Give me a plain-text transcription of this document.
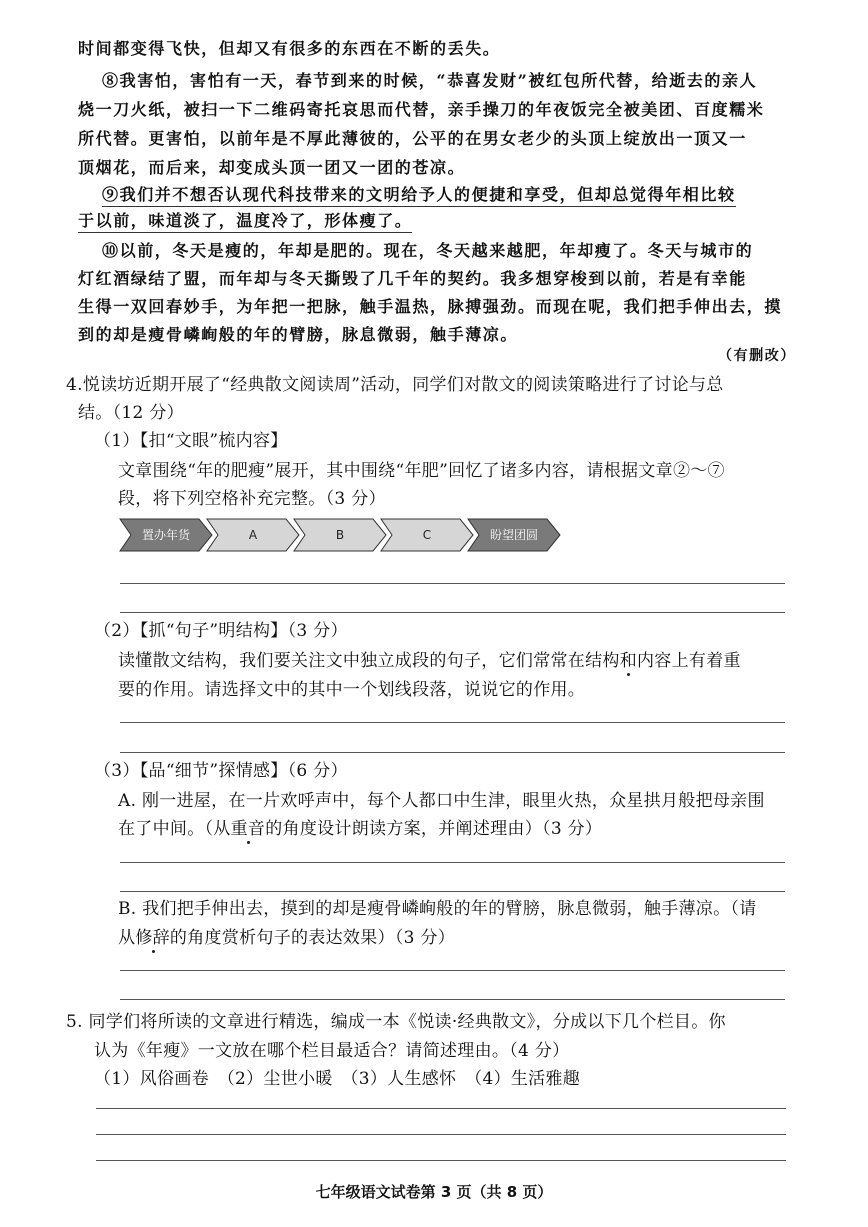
时间都变得飞快，但却又有很多的东西在不断的丢失。
⑧我害怕，害怕有一天，春节到来的时候，“恭喜发财”被红包所代替，给逝去的亲人
烧一刀火纸，被扫一下二维码寄托哀思而代替，亲手操刀的年夜饭完全被美团、百度糯米
所代替。更害怕，以前年是不厚此薄彼的，公平的在男女老少的头顶上绽放出一顶又一
顶烟花，而后来，却变成头顶一团又一团的苍凉。
⑨我们并不想否认现代科技带来的文明给予人的便捷和享受，但却总觉得年相比较
于以前，味道淡了，温度冷了，形体瘦了。
⑩以前，冬天是瘦的，年却是肥的。现在，冬天越来越肥，年却瘦了。冬天与城市的
灯红酒绿结了盟，而年却与冬天撕毁了几千年的契约。我多想穿梭到以前，若是有幸能
生得一双回春妙手，为年把一把脉，触手温热，脉搏强劲。而现在呢，我们把手伸出去，摸
到的却是瘦骨嶙峋般的年的臂膀，脉息微弱，触手薄凉。
（有删改）
4.悦读坊近期开展了“经典散文阅读周”活动，同学们对散文的阅读策略进行了讨论与总
结。（12 分）
（1）【扣“文眼”梳内容】
文章围绕“年的肥瘦”展开，其中围绕“年肥”回忆了诸多内容，请根据文章②～⑦
段，将下列空格补充完整。（3 分）
置办年货	A	B	C	盼望团圆
（2）【抓“句子”明结构】（3 分）
读懂散文结构，我们要关注文中独立成段的句子，它们常常在结构和内容上有着重
要的作用。请选择文中的其中一个划线段落，说说它的作用。
（3）【品“细节”探情感】（6 分）
A. 刚一进屋，在一片欢呼声中，每个人都口中生津，眼里火热，众星拱月般把母亲围
在了中间。（从重音的角度设计朗读方案，并阐述理由）（3 分）
B. 我们把手伸出去，摸到的却是瘦骨嶙峋般的年的臂膀，脉息微弱，触手薄凉。（请
从修辞的角度赏析句子的表达效果）（3 分）
5. 同学们将所读的文章进行精选，编成一本《悦读·经典散文》，分成以下几个栏目。你
认为《年瘦》一文放在哪个栏目最适合？请简述理由。（4 分）
（1）风俗画卷　（2）尘世小暖　（3）人生感怀　（4）生活雅趣
七年级语文试卷第 3 页（共 8 页）
